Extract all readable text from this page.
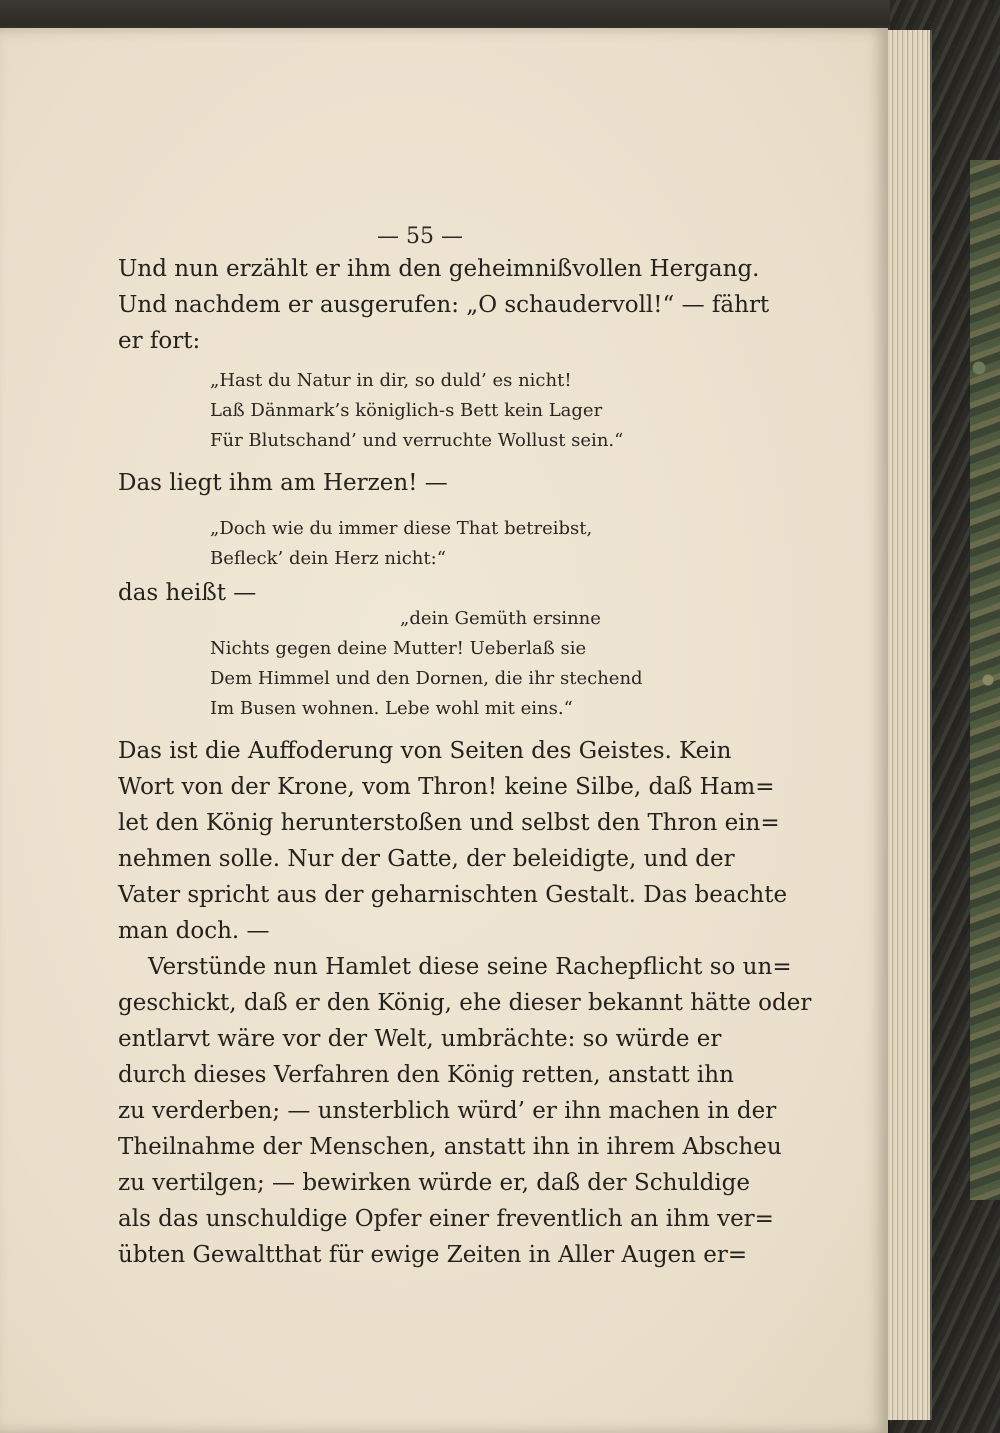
— 55 —
Und nun erzählt er ihm den geheimnißvollen Hergang.
Und nachdem er ausgerufen: „O schaudervoll!“ — fährt
er fort:
„Hast du Natur in dir, so duld’ es nicht!
Laß Dänmark’s königlich-s Bett kein Lager
Für Blutschand’ und verruchte Wollust sein.“
Das liegt ihm am Herzen! —
„Doch wie du immer diese That betreibst,
Befleck’ dein Herz nicht:“
das heißt —
„dein Gemüth ersinne
Nichts gegen deine Mutter! Ueberlaß sie
Dem Himmel und den Dornen, die ihr stechend
Im Busen wohnen. Lebe wohl mit eins.“
Das ist die Auffoderung von Seiten des Geistes. Kein
Wort von der Krone, vom Thron! keine Silbe, daß Ham=
let den König herunterstoßen und selbst den Thron ein=
nehmen solle. Nur der Gatte, der beleidigte, und der
Vater spricht aus der geharnischten Gestalt. Das beachte
man doch. —
Verstünde nun Hamlet diese seine Rachepflicht so un=
geschickt, daß er den König, ehe dieser bekannt hätte oder
entlarvt wäre vor der Welt, umbrächte: so würde er
durch dieses Verfahren den König retten, anstatt ihn
zu verderben; — unsterblich würd’ er ihn machen in der
Theilnahme der Menschen, anstatt ihn in ihrem Abscheu
zu vertilgen; — bewirken würde er, daß der Schuldige
als das unschuldige Opfer einer freventlich an ihm ver=
übten Gewaltthat für ewige Zeiten in Aller Augen er=
